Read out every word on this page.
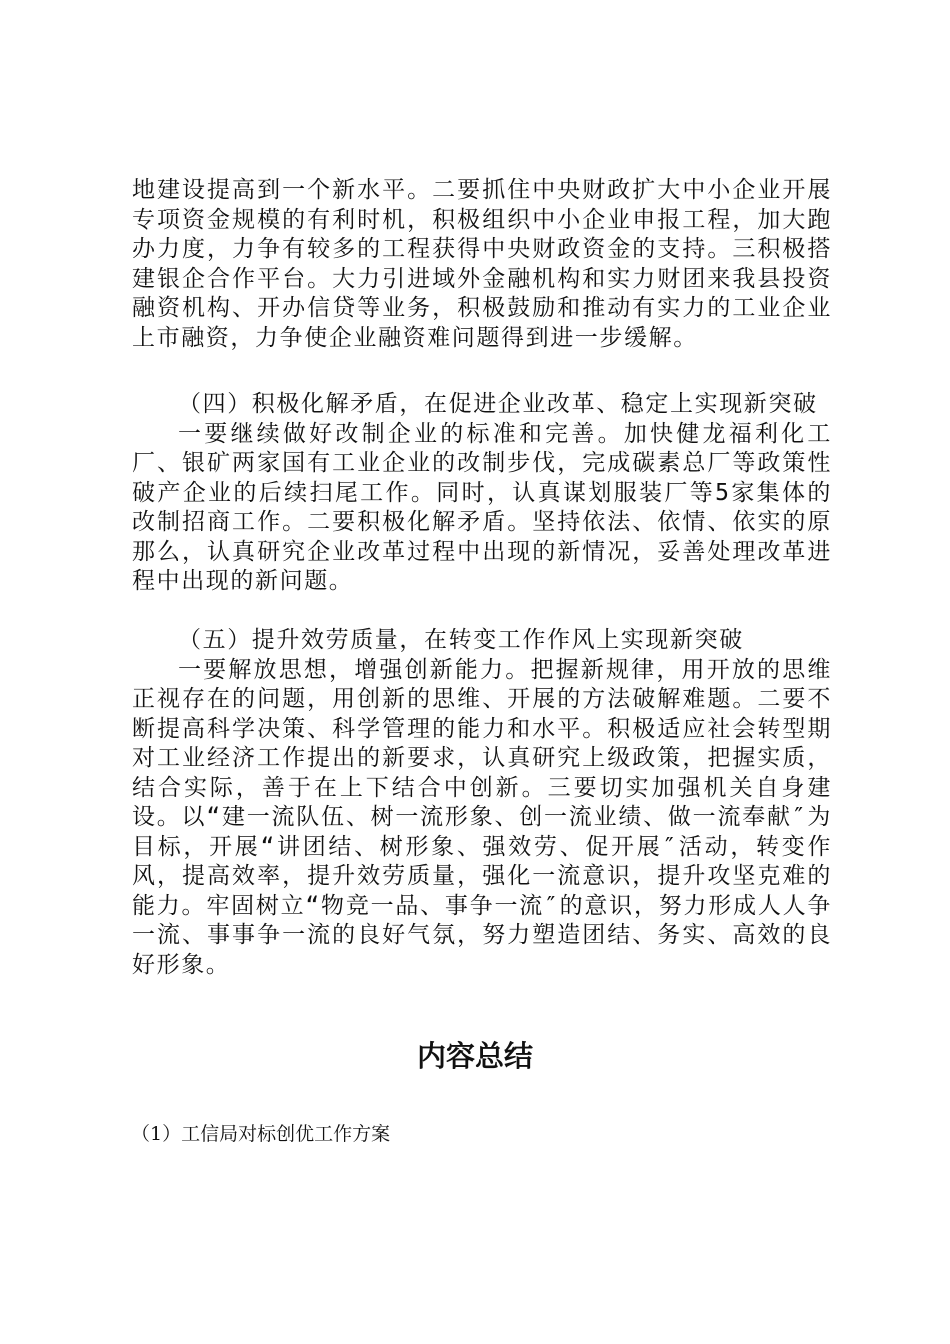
地建设提高到一个新水平。二要抓住中央财政扩大中小企业开展专项资金规模的有利时机，积极组织中小企业申报工程，加大跑办力度，力争有较多的工程获得中央财政资金的支持。三积极搭建银企合作平台。大力引进域外金融机构和实力财团来我县投资融资机构、开办信贷等业务，积极鼓励和推动有实力的工业企业上市融资，力争使企业融资难问题得到进一步缓解。

（四）积极化解矛盾，在促进企业改革、稳定上实现新突破

一要继续做好改制企业的标准和完善。加快健龙福利化工厂、银矿两家国有工业企业的改制步伐，完成碳素总厂等政策性破产企业的后续扫尾工作。同时，认真谋划服装厂等5家集体的改制招商工作。二要积极化解矛盾。坚持依法、依情、依实的原那么，认真研究企业改革过程中出现的新情况，妥善处理改革进程中出现的新问题。

（五）提升效劳质量，在转变工作作风上实现新突破

一要解放思想，增强创新能力。把握新规律，用开放的思维正视存在的问题，用创新的思维、开展的方法破解难题。二要不断提高科学决策、科学管理的能力和水平。积极适应社会转型期对工业经济工作提出的新要求，认真研究上级政策，把握实质，结合实际，善于在上下结合中创新。三要切实加强机关自身建设。以“建一流队伍、树一流形象、创一流业绩、做一流奉献″为目标，开展“讲团结、树形象、强效劳、促开展″活动，转变作风，提高效率，提升效劳质量，强化一流意识，提升攻坚克难的能力。牢固树立“物竞一品、事争一流″的意识，努力形成人人争一流、事事争一流的良好气氛，努力塑造团结、务实、高效的良好形象。

内容总结

（1）工信局对标创优工作方案
